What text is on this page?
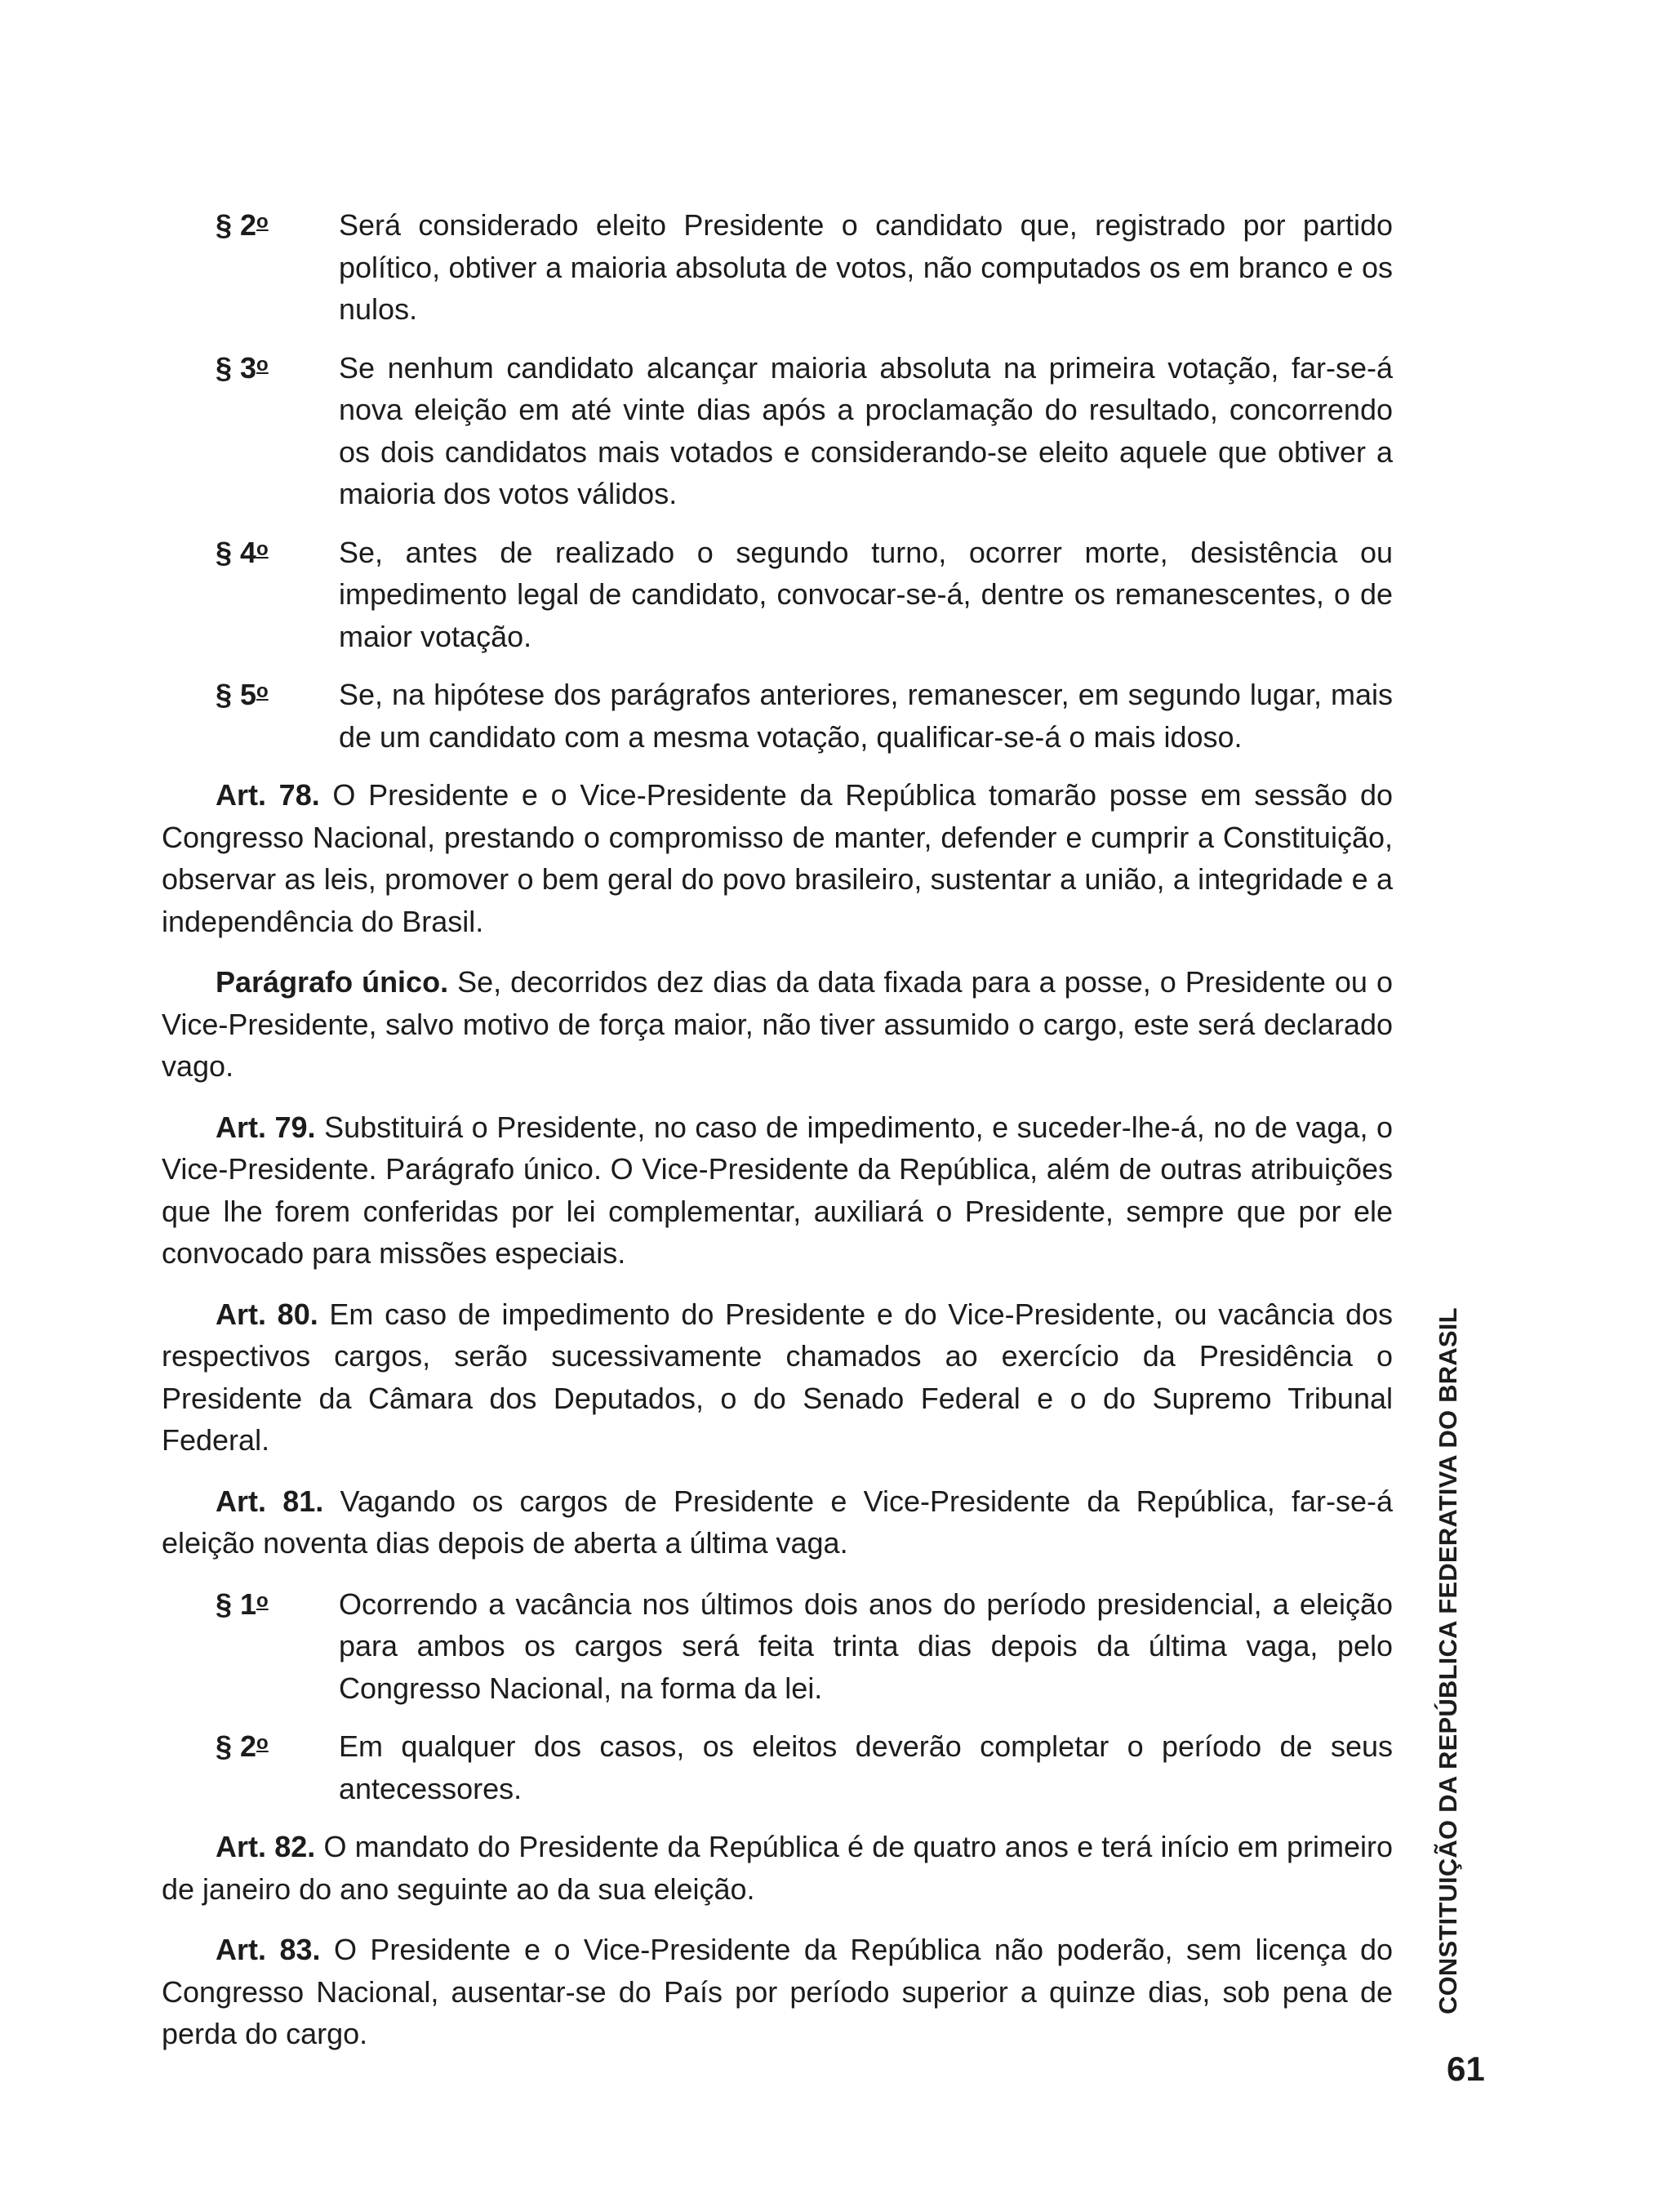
§ 2$^o$ Será considerado eleito Presidente o candidato que, registrado por partido político, obtiver a maioria absoluta de votos, não computados os em branco e os nulos.
§ 3$^o$ Se nenhum candidato alcançar maioria absoluta na primeira votação, far-se-á nova eleição em até vinte dias após a proclamação do resultado, concorrendo os dois candidatos mais votados e considerando-se eleito aquele que obtiver a maioria dos votos válidos.
§ 4$^o$ Se, antes de realizado o segundo turno, ocorrer morte, desistência ou impedimento legal de candidato, convocar-se-á, dentre os remanescentes, o de maior votação.
§ 5$^o$ Se, na hipótese dos parágrafos anteriores, remanescer, em segundo lugar, mais de um candidato com a mesma votação, qualificar-se-á o mais idoso.

Art. 78. O Presidente e o Vice-Presidente da República tomarão posse em sessão do Congresso Nacional, prestando o compromisso de manter, defender e cumprir a Constituição, observar as leis, promover o bem geral do povo brasileiro, sustentar a união, a integridade e a independência do Brasil.

Parágrafo único. Se, decorridos dez dias da data fixada para a posse, o Presidente ou o Vice-Presidente, salvo motivo de força maior, não tiver assumido o cargo, este será declarado vago.

Art. 79. Substituirá o Presidente, no caso de impedimento, e suceder-lhe-á, no de vaga, o Vice-Presidente. Parágrafo único. O Vice-Presidente da República, além de outras atribuições que lhe forem conferidas por lei complementar, auxiliará o Presidente, sempre que por ele convocado para missões especiais.

Art. 80. Em caso de impedimento do Presidente e do Vice-Presidente, ou vacância dos respectivos cargos, serão sucessivamente chamados ao exercício da Presidência o Presidente da Câmara dos Deputados, o do Senado Federal e o do Supremo Tribunal Federal.

Art. 81. Vagando os cargos de Presidente e Vice-Presidente da República, far-se-á eleição noventa dias depois de aberta a última vaga.

§ 1$^o$ Ocorrendo a vacância nos últimos dois anos do período presidencial, a eleição para ambos os cargos será feita trinta dias depois da última vaga, pelo Congresso Nacional, na forma da lei.
§ 2$^o$ Em qualquer dos casos, os eleitos deverão completar o período de seus antecessores.

Art. 82. O mandato do Presidente da República é de quatro anos e terá início em primeiro de janeiro do ano seguinte ao da sua eleição.

Art. 83. O Presidente e o Vice-Presidente da República não poderão, sem licença do Congresso Nacional, ausentar-se do País por período superior a quinze dias, sob pena de perda do cargo.

CONSTITUIÇÃO DA REPÚBLICA FEDERATIVA DO BRASIL
61
